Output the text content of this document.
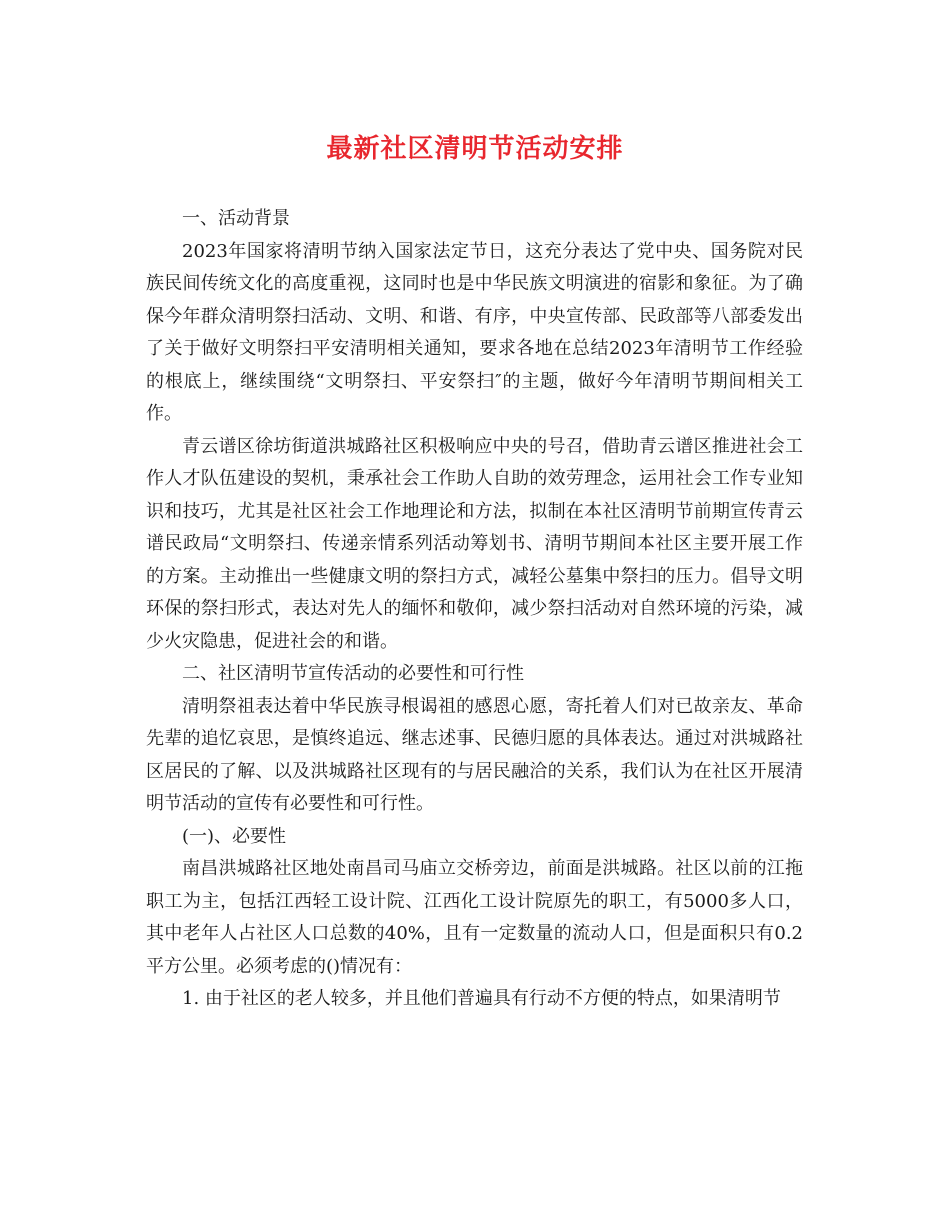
最新社区清明节活动安排

一、活动背景

2023年国家将清明节纳入国家法定节日，这充分表达了党中央、国务院对民族民间传统文化的高度重视，这同时也是中华民族文明演进的宿影和象征。为了确保今年群众清明祭扫活动、文明、和谐、有序，中央宣传部、民政部等八部委发出了关于做好文明祭扫平安清明相关通知，要求各地在总结2023年清明节工作经验的根底上，继续围绕“文明祭扫、平安祭扫″的主题，做好今年清明节期间相关工作。

青云谱区徐坊街道洪城路社区积极响应中央的号召，借助青云谱区推进社会工作人才队伍建设的契机，秉承社会工作助人自助的效劳理念，运用社会工作专业知识和技巧，尤其是社区社会工作地理论和方法，拟制在本社区清明节前期宣传青云谱民政局“文明祭扫、传递亲情系列活动筹划书、清明节期间本社区主要开展工作的方案。主动推出一些健康文明的祭扫方式，减轻公墓集中祭扫的压力。倡导文明环保的祭扫形式，表达对先人的缅怀和敬仰，减少祭扫活动对自然环境的污染，减少火灾隐患，促进社会的和谐。

二、社区清明节宣传活动的必要性和可行性

清明祭祖表达着中华民族寻根谒祖的感恩心愿，寄托着人们对已故亲友、革命先辈的追忆哀思，是慎终追远、继志述事、民德归愿的具体表达。通过对洪城路社区居民的了解、以及洪城路社区现有的与居民融洽的关系，我们认为在社区开展清明节活动的宣传有必要性和可行性。

(一)、必要性

南昌洪城路社区地处南昌司马庙立交桥旁边，前面是洪城路。社区以前的江拖职工为主，包括江西轻工设计院、江西化工设计院原先的职工，有5000多人口，其中老年人占社区人口总数的40%，且有一定数量的流动人口，但是面积只有0.2平方公里。必须考虑的()情况有：

1. 由于社区的老人较多，并且他们普遍具有行动不方便的特点，如果清明节
